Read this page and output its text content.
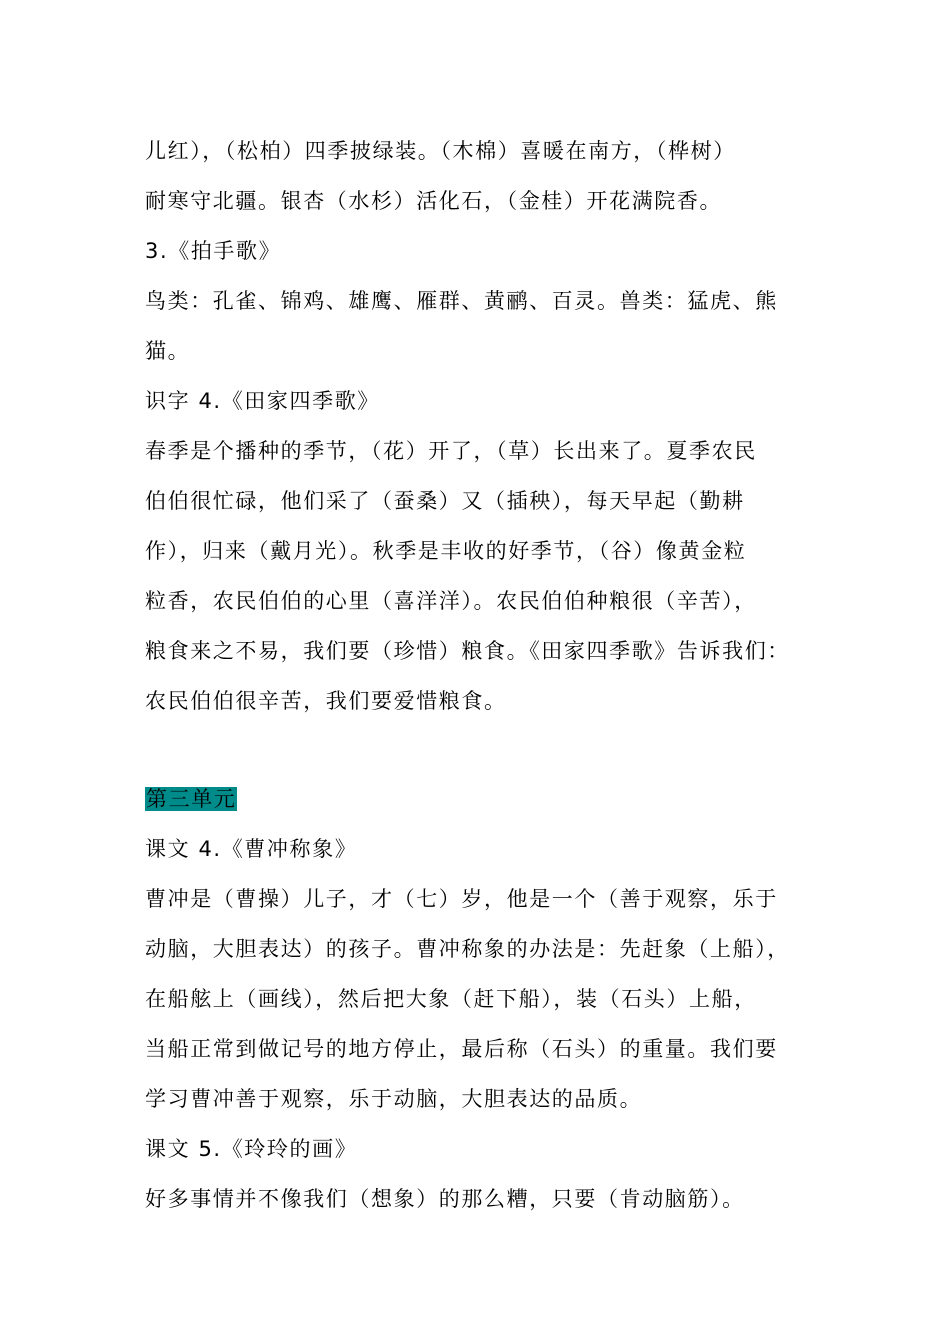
儿红），（松柏）四季披绿装。（木棉）喜暖在南方，（桦树）
耐寒守北疆。银杏（水杉）活化石，（金桂）开花满院香。
3.《拍手歌》
鸟类：孔雀、锦鸡、雄鹰、雁群、黄鹂、百灵。兽类：猛虎、熊
猫。
识字 4.《田家四季歌》
春季是个播种的季节，（花）开了，（草）长出来了。夏季农民
伯伯很忙碌，他们采了（蚕桑）又（插秧），每天早起（勤耕
作），归来（戴月光）。秋季是丰收的好季节，（谷）像黄金粒
粒香，农民伯伯的心里（喜洋洋）。农民伯伯种粮很（辛苦），
粮食来之不易，我们要（珍惜）粮食。《田家四季歌》告诉我们：
农民伯伯很辛苦，我们要爱惜粮食。
第三单元
课文 4.《曹冲称象》
曹冲是（曹操）儿子，才（七）岁，他是一个（善于观察，乐于
动脑，大胆表达）的孩子。曹冲称象的办法是：先赶象（上船），
在船舷上（画线），然后把大象（赶下船），装（石头）上船，
当船正常到做记号的地方停止，最后称（石头）的重量。我们要
学习曹冲善于观察，乐于动脑，大胆表达的品质。
课文 5.《玲玲的画》
好多事情并不像我们（想象）的那么糟，只要（肯动脑筋）。
